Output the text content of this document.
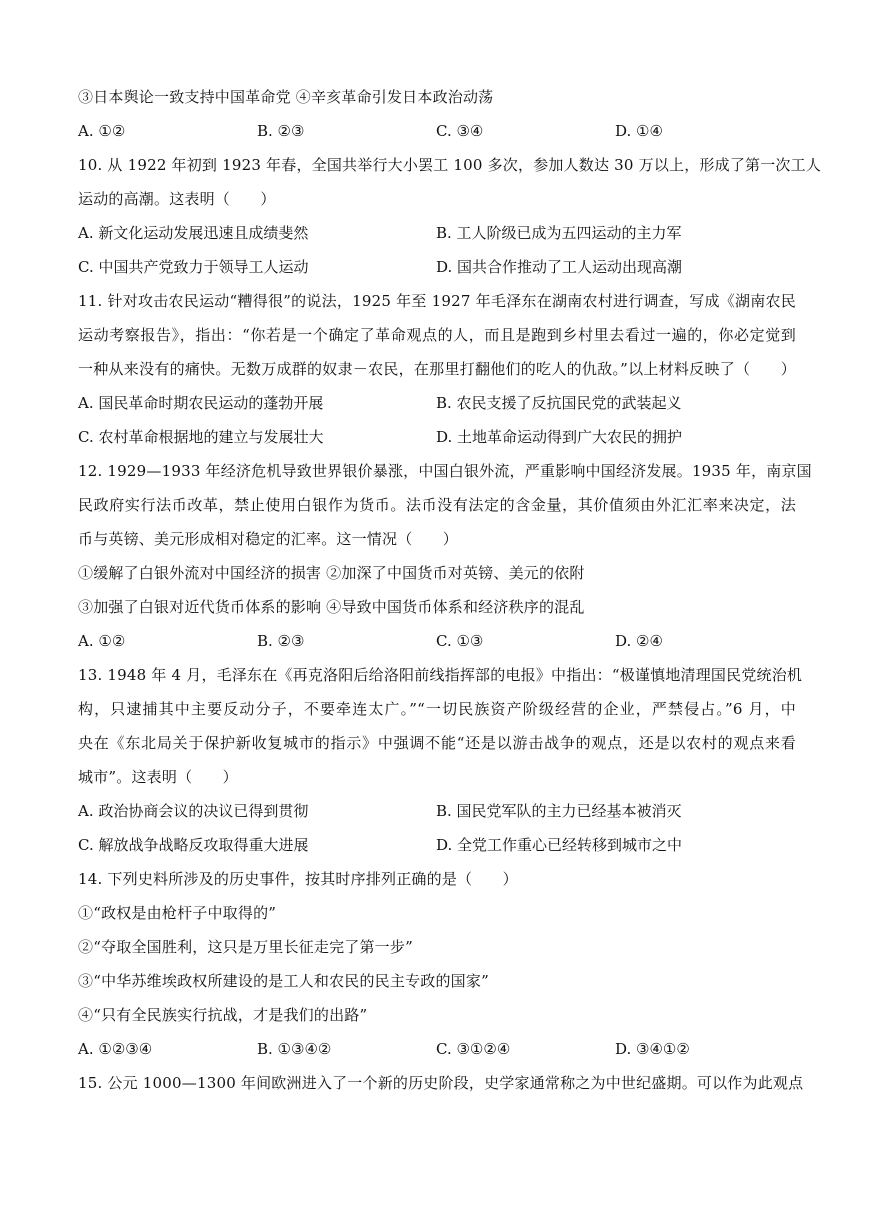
③日本舆论一致支持中国革命党 ④辛亥革命引发日本政治动荡
A. ①②	B. ②③	C. ③④	D. ①④
10. 从 1922 年初到 1923 年春，全国共举行大小罢工 100 多次，参加人数达 30 万以上，形成了第一次工人
运动的高潮。这表明（　　）
A. 新文化运动发展迅速且成绩斐然	B. 工人阶级已成为五四运动的主力军
C. 中国共产党致力于领导工人运动	D. 国共合作推动了工人运动出现高潮
11. 针对攻击农民运动“糟得很”的说法，1925 年至 1927 年毛泽东在湖南农村进行调查，写成《湖南农民
运动考察报告》，指出：“你若是一个确定了革命观点的人，而且是跑到乡村里去看过一遍的，你必定觉到
一种从来没有的痛快。无数万成群的奴隶－农民，在那里打翻他们的吃人的仇敌。”以上材料反映了（　　）
A. 国民革命时期农民运动的蓬勃开展	B. 农民支援了反抗国民党的武装起义
C. 农村革命根据地的建立与发展壮大	D. 土地革命运动得到广大农民的拥护
12. 1929—1933 年经济危机导致世界银价暴涨，中国白银外流，严重影响中国经济发展。1935 年，南京国
民政府实行法币改革，禁止使用白银作为货币。法币没有法定的含金量，其价值须由外汇汇率来决定，法
币与英镑、美元形成相对稳定的汇率。这一情况（　　）
①缓解了白银外流对中国经济的损害 ②加深了中国货币对英镑、美元的依附
③加强了白银对近代货币体系的影响 ④导致中国货币体系和经济秩序的混乱
A. ①②	B. ②③	C. ①③	D. ②④
13. 1948 年 4 月，毛泽东在《再克洛阳后给洛阳前线指挥部的电报》中指出：“极谨慎地清理国民党统治机
构，只逮捕其中主要反动分子，不要牵连太广。”“一切民族资产阶级经营的企业，严禁侵占。”6 月，中
央在《东北局关于保护新收复城市的指示》中强调不能“还是以游击战争的观点，还是以农村的观点来看
城市”。这表明（　　）
A. 政治协商会议的决议已得到贯彻	B. 国民党军队的主力已经基本被消灭
C. 解放战争战略反攻取得重大进展	D. 全党工作重心已经转移到城市之中
14. 下列史料所涉及的历史事件，按其时序排列正确的是（　　）
①“政权是由枪杆子中取得的”
②“夺取全国胜利，这只是万里长征走完了第一步”
③“中华苏维埃政权所建设的是工人和农民的民主专政的国家”
④“只有全民族实行抗战，才是我们的出路”
A. ①②③④	B. ①③④②	C. ③①②④	D. ③④①②
15. 公元 1000—1300 年间欧洲进入了一个新的历史阶段，史学家通常称之为中世纪盛期。可以作为此观点
